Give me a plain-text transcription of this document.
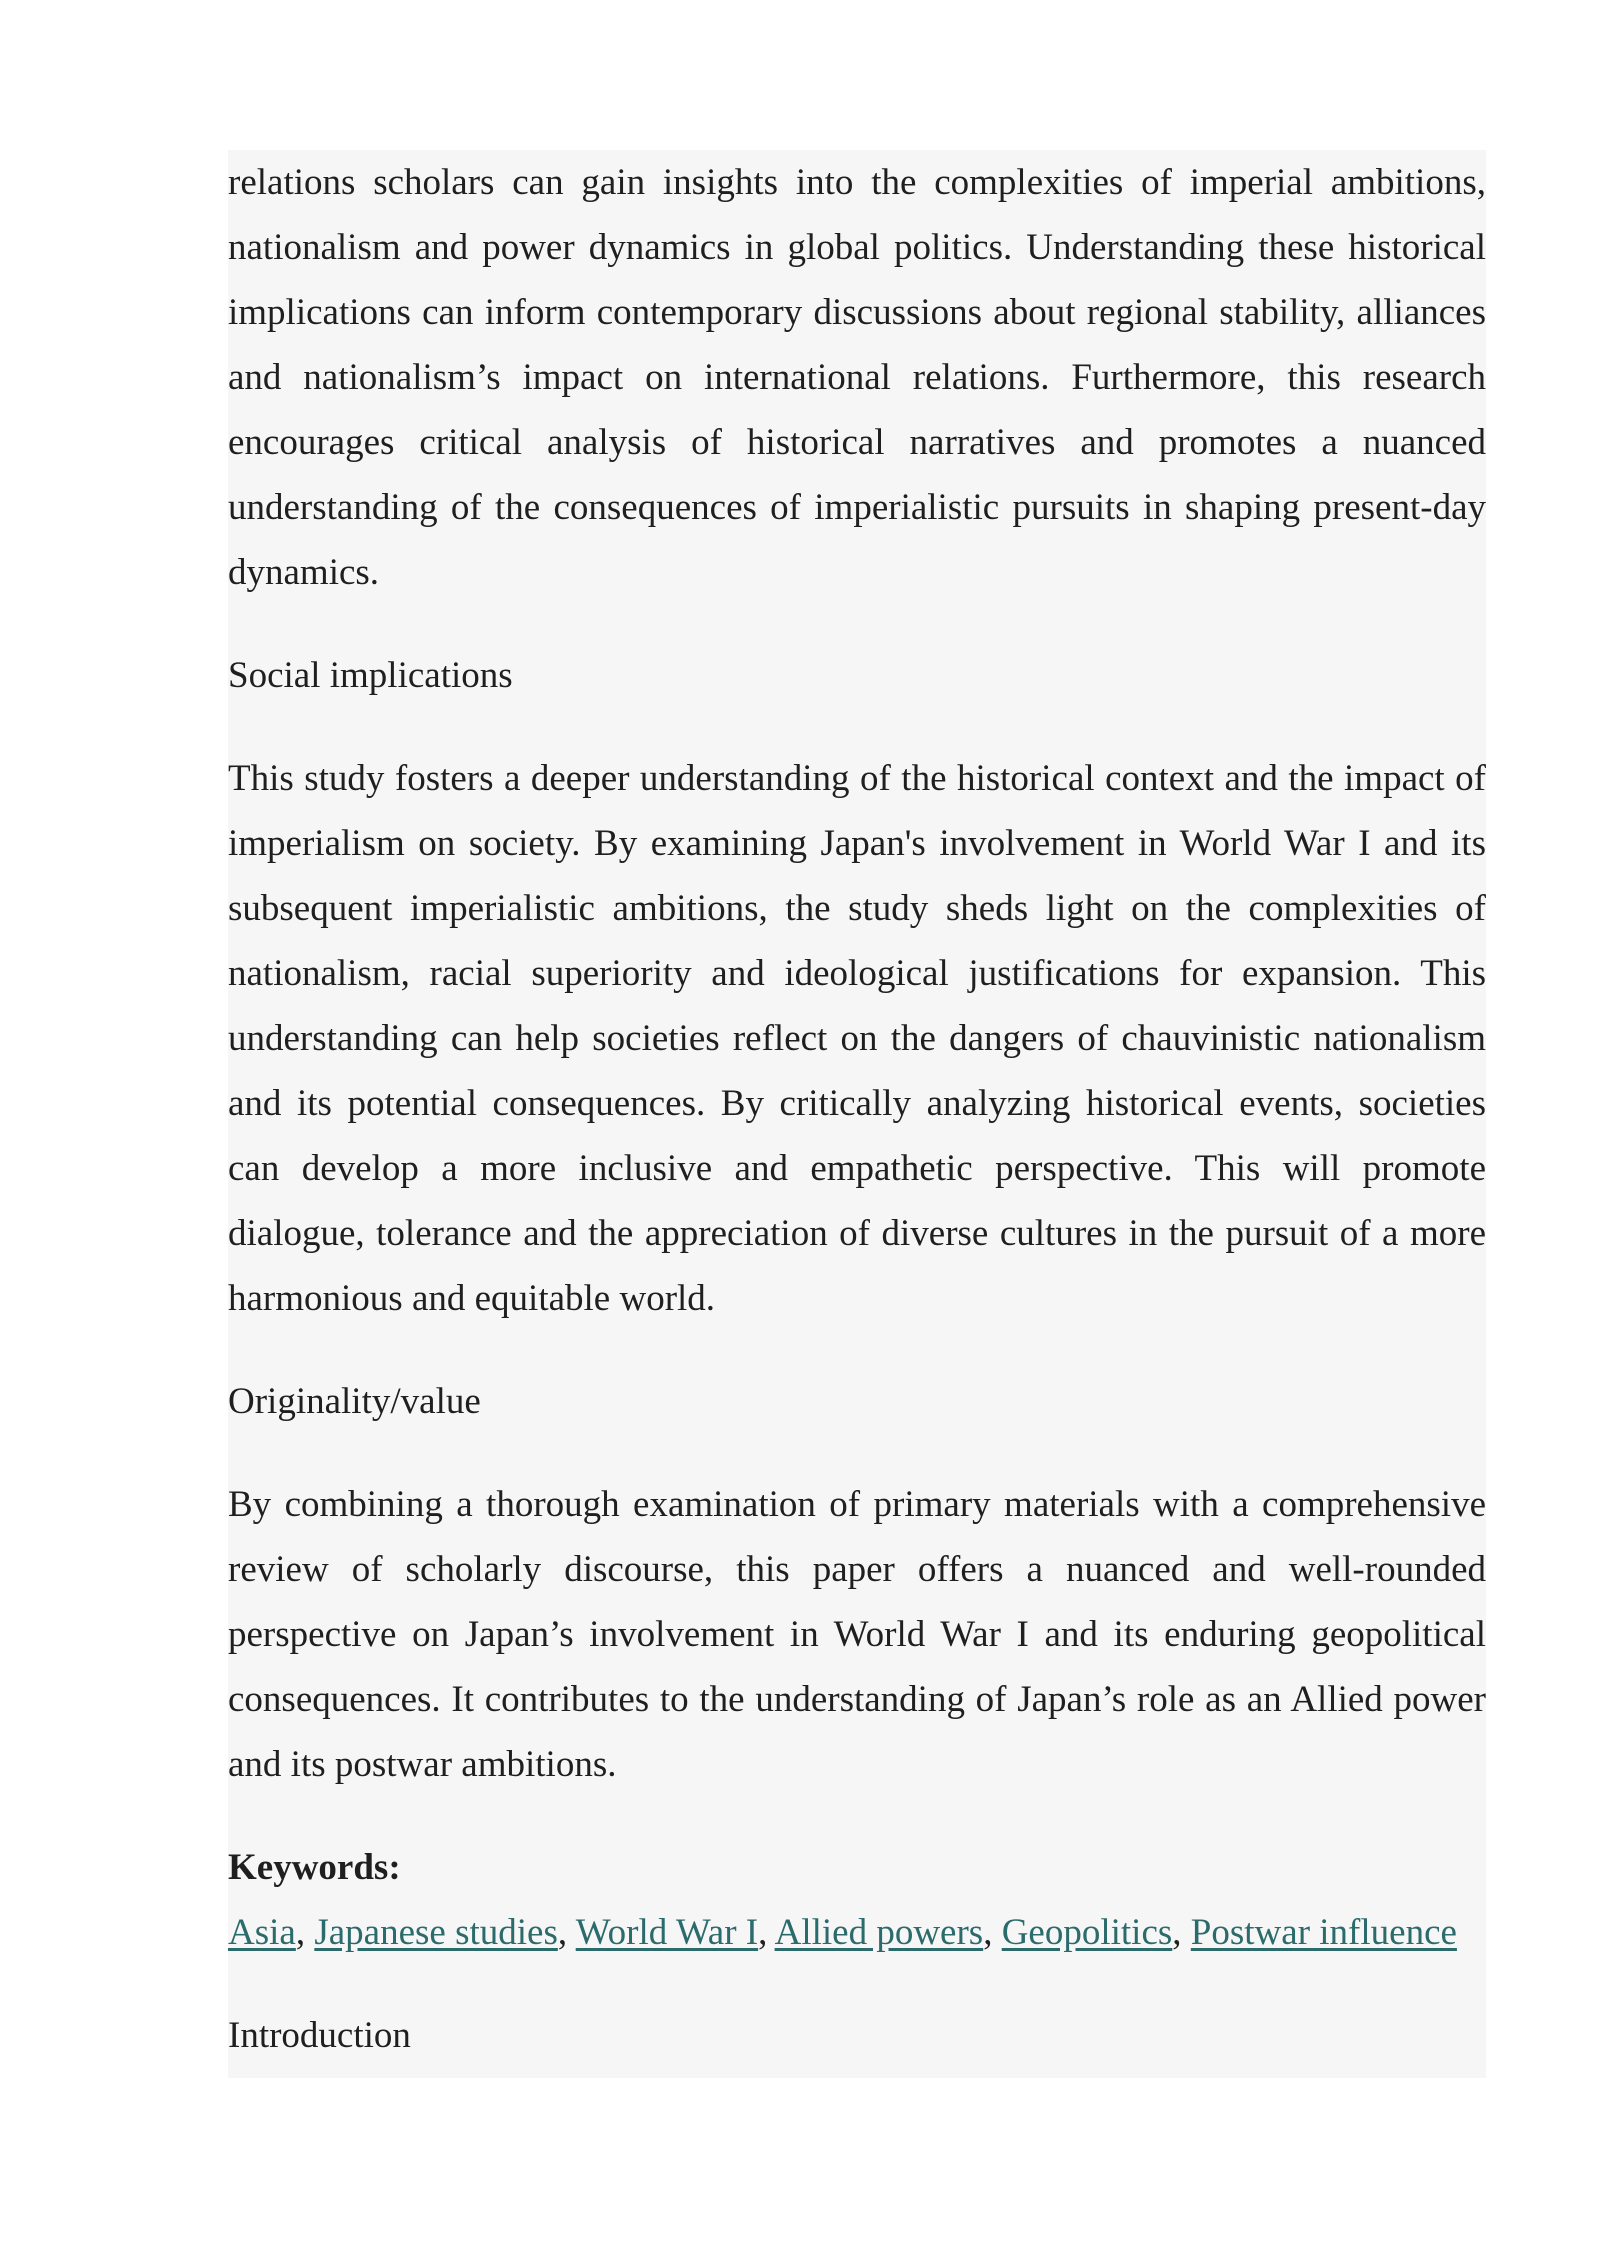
relations scholars can gain insights into the complexities of imperial ambitions, nationalism and power dynamics in global politics. Understanding these historical implications can inform contemporary discussions about regional stability, alliances and nationalism’s impact on international relations. Furthermore, this research encourages critical analysis of historical narratives and promotes a nuanced understanding of the consequences of imperialistic pursuits in shaping present-day dynamics.

Social implications

This study fosters a deeper understanding of the historical context and the impact of imperialism on society. By examining Japan's involvement in World War I and its subsequent imperialistic ambitions, the study sheds light on the complexities of nationalism, racial superiority and ideological justifications for expansion. This understanding can help societies reflect on the dangers of chauvinistic nationalism and its potential consequences. By critically analyzing historical events, societies can develop a more inclusive and empathetic perspective. This will promote dialogue, tolerance and the appreciation of diverse cultures in the pursuit of a more harmonious and equitable world.

Originality/value

By combining a thorough examination of primary materials with a comprehensive review of scholarly discourse, this paper offers a nuanced and well-rounded perspective on Japan’s involvement in World War I and its enduring geopolitical consequences. It contributes to the understanding of Japan’s role as an Allied power and its postwar ambitions.

Keywords:

Asia, Japanese studies, World War I, Allied powers, Geopolitics, Postwar influence

Introduction
